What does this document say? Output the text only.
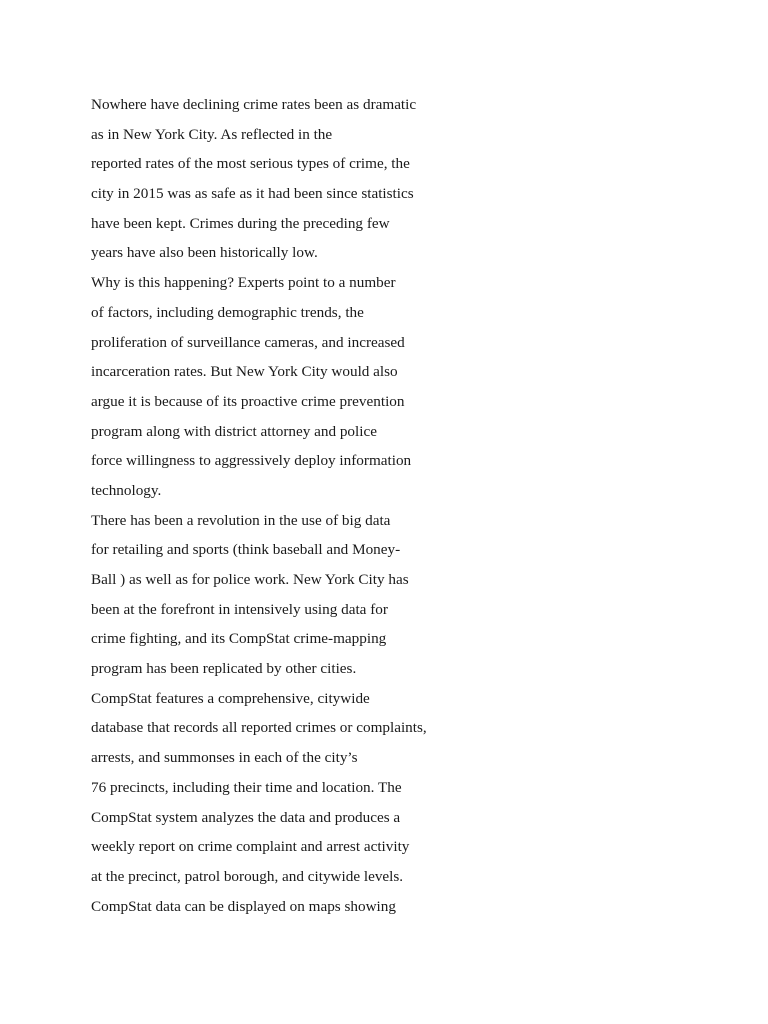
Nowhere have declining crime rates been as dramatic
as in New York City. As reflected in the
reported rates of the most serious types of crime, the
city in 2015 was as safe as it had been since statistics
have been kept. Crimes during the preceding few
years have also been historically low.
Why is this happening? Experts point to a number
of factors, including demographic trends, the
proliferation of surveillance cameras, and increased
incarceration rates. But New York City would also
argue it is because of its proactive crime prevention
program along with district attorney and police
force willingness to aggressively deploy information
technology.
There has been a revolution in the use of big data
for retailing and sports (think baseball and Money-
Ball ) as well as for police work. New York City has
been at the forefront in intensively using data for
crime fighting, and its CompStat crime-mapping
program has been replicated by other cities.
CompStat features a comprehensive, citywide
database that records all reported crimes or complaints,
arrests, and summonses in each of the city’s
76 precincts, including their time and location. The
CompStat system analyzes the data and produces a
weekly report on crime complaint and arrest activity
at the precinct, patrol borough, and citywide levels.
CompStat data can be displayed on maps showing
